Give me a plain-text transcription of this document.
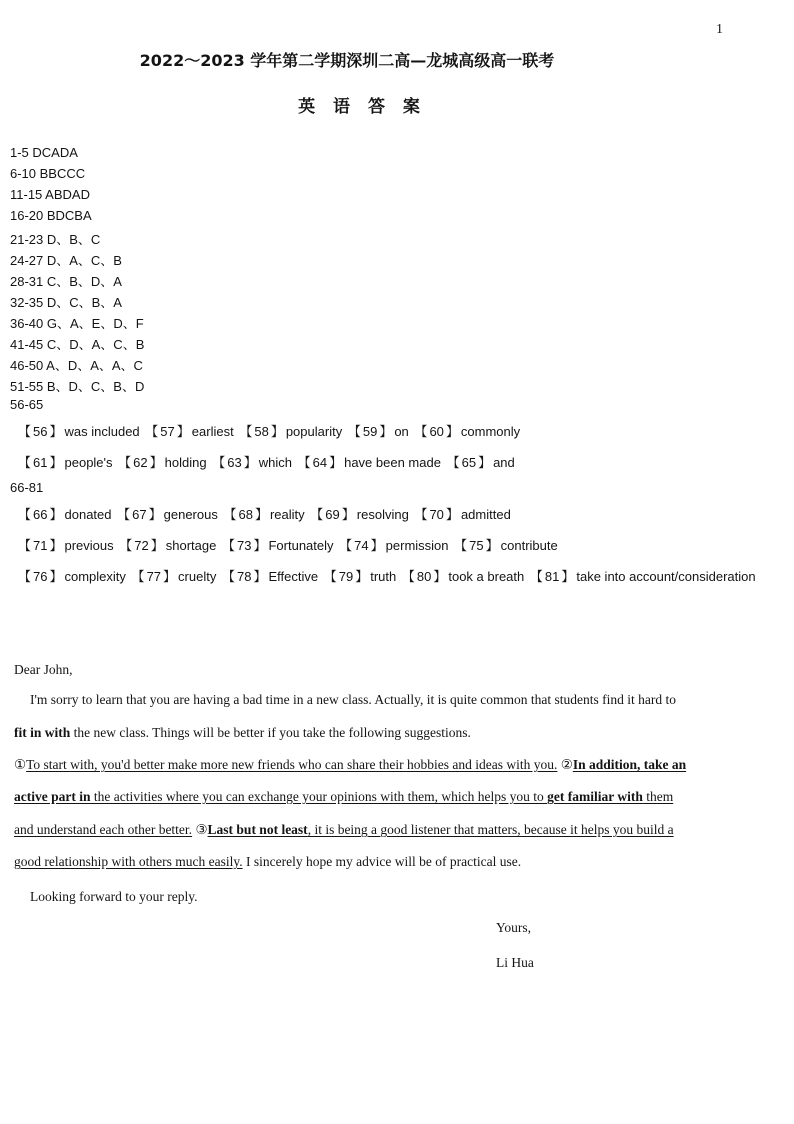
1
2022～2023 学年第二学期深圳二高—龙城高级高一联考
英 语 答 案
1-5 DCADA
6-10 BBCCC
11-15 ABDAD
16-20 BDCBA
21-23 D、B、C
24-27 D、A、C、B
28-31 C、B、D、A
32-35 D、C、B、A
36-40 G、A、E、D、F
41-45 C、D、A、C、B
46-50 A、D、A、A、C
51-55 B、D、C、B、D
56-65
【 56 】 was included 【 57 】 earliest 【 58 】 popularity 【 59 】 on 【 60 】 commonly
【 61 】 people's 【 62 】 holding 【 63 】 which 【 64 】 have been made 【 65 】 and
66-81
【 66 】 donated 【 67 】 generous 【 68 】 reality 【 69 】 resolving 【 70 】 admitted
【 71 】 previous 【 72 】 shortage 【 73 】 Fortunately 【 74 】 permission 【 75 】 contribute
【 76 】 complexity 【 77 】 cruelty 【 78 】 Effective 【 79 】 truth 【 80 】 took a breath 【 81 】 take into account/consideration
Dear John,
I'm sorry to learn that you are having a bad time in a new class. Actually, it is quite common that students find it hard to
fit in with the new class. Things will be better if you take the following suggestions.
①To start with, you'd better make more new friends who can share their hobbies and ideas with you. ②In addition, take an
active part in the activities where you can exchange your opinions with them, which helps you to get familiar with them
and understand each other better. ③Last but not least, it is being a good listener that matters, because it helps you build a
good relationship with others much easily. I sincerely hope my advice will be of practical use.
Looking forward to your reply.
Yours,
Li Hua
